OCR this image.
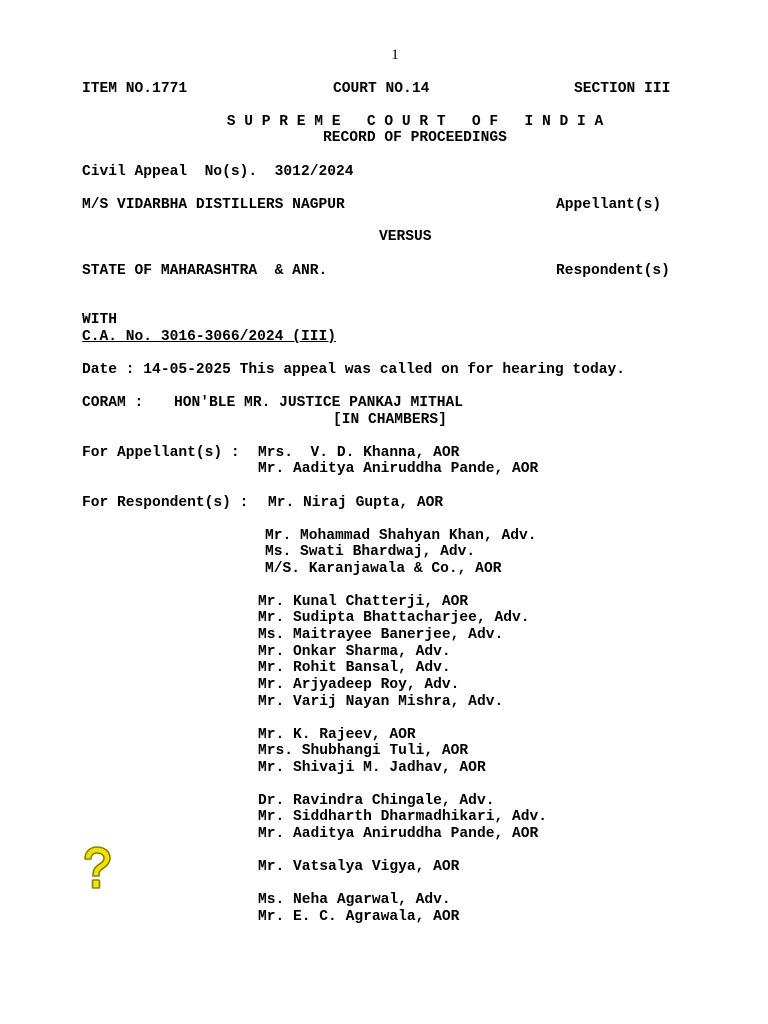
1
ITEM NO.1771	COURT NO.14	SECTION III
S U P R E M E   C O U R T   O F   I N D I A
RECORD OF PROCEEDINGS
Civil Appeal  No(s).  3012/2024
M/S VIDARBHA DISTILLERS NAGPUR	Appellant(s)
VERSUS
STATE OF MAHARASHTRA  & ANR.	Respondent(s)
WITH
C.A. No. 3016-3066/2024 (III)
Date : 14-05-2025 This appeal was called on for hearing today.
CORAM : HON'BLE MR. JUSTICE PANKAJ MITHAL
[IN CHAMBERS]
For Appellant(s) : Mrs.  V. D. Khanna, AOR
Mr. Aaditya Aniruddha Pande, AOR
For Respondent(s) : Mr. Niraj Gupta, AOR
Mr. Mohammad Shahyan Khan, Adv.
Ms. Swati Bhardwaj, Adv.
M/S. Karanjawala & Co., AOR
Mr. Kunal Chatterji, AOR
Mr. Sudipta Bhattacharjee, Adv.
Ms. Maitrayee Banerjee, Adv.
Mr. Onkar Sharma, Adv.
Mr. Rohit Bansal, Adv.
Mr. Arjyadeep Roy, Adv.
Mr. Varij Nayan Mishra, Adv.
Mr. K. Rajeev, AOR
Mrs. Shubhangi Tuli, AOR
Mr. Shivaji M. Jadhav, AOR
Dr. Ravindra Chingale, Adv.
Mr. Siddharth Dharmadhikari, Adv.
Mr. Aaditya Aniruddha Pande, AOR
Mr. Vatsalya Vigya, AOR
Ms. Neha Agarwal, Adv.
Mr. E. C. Agrawala, AOR
